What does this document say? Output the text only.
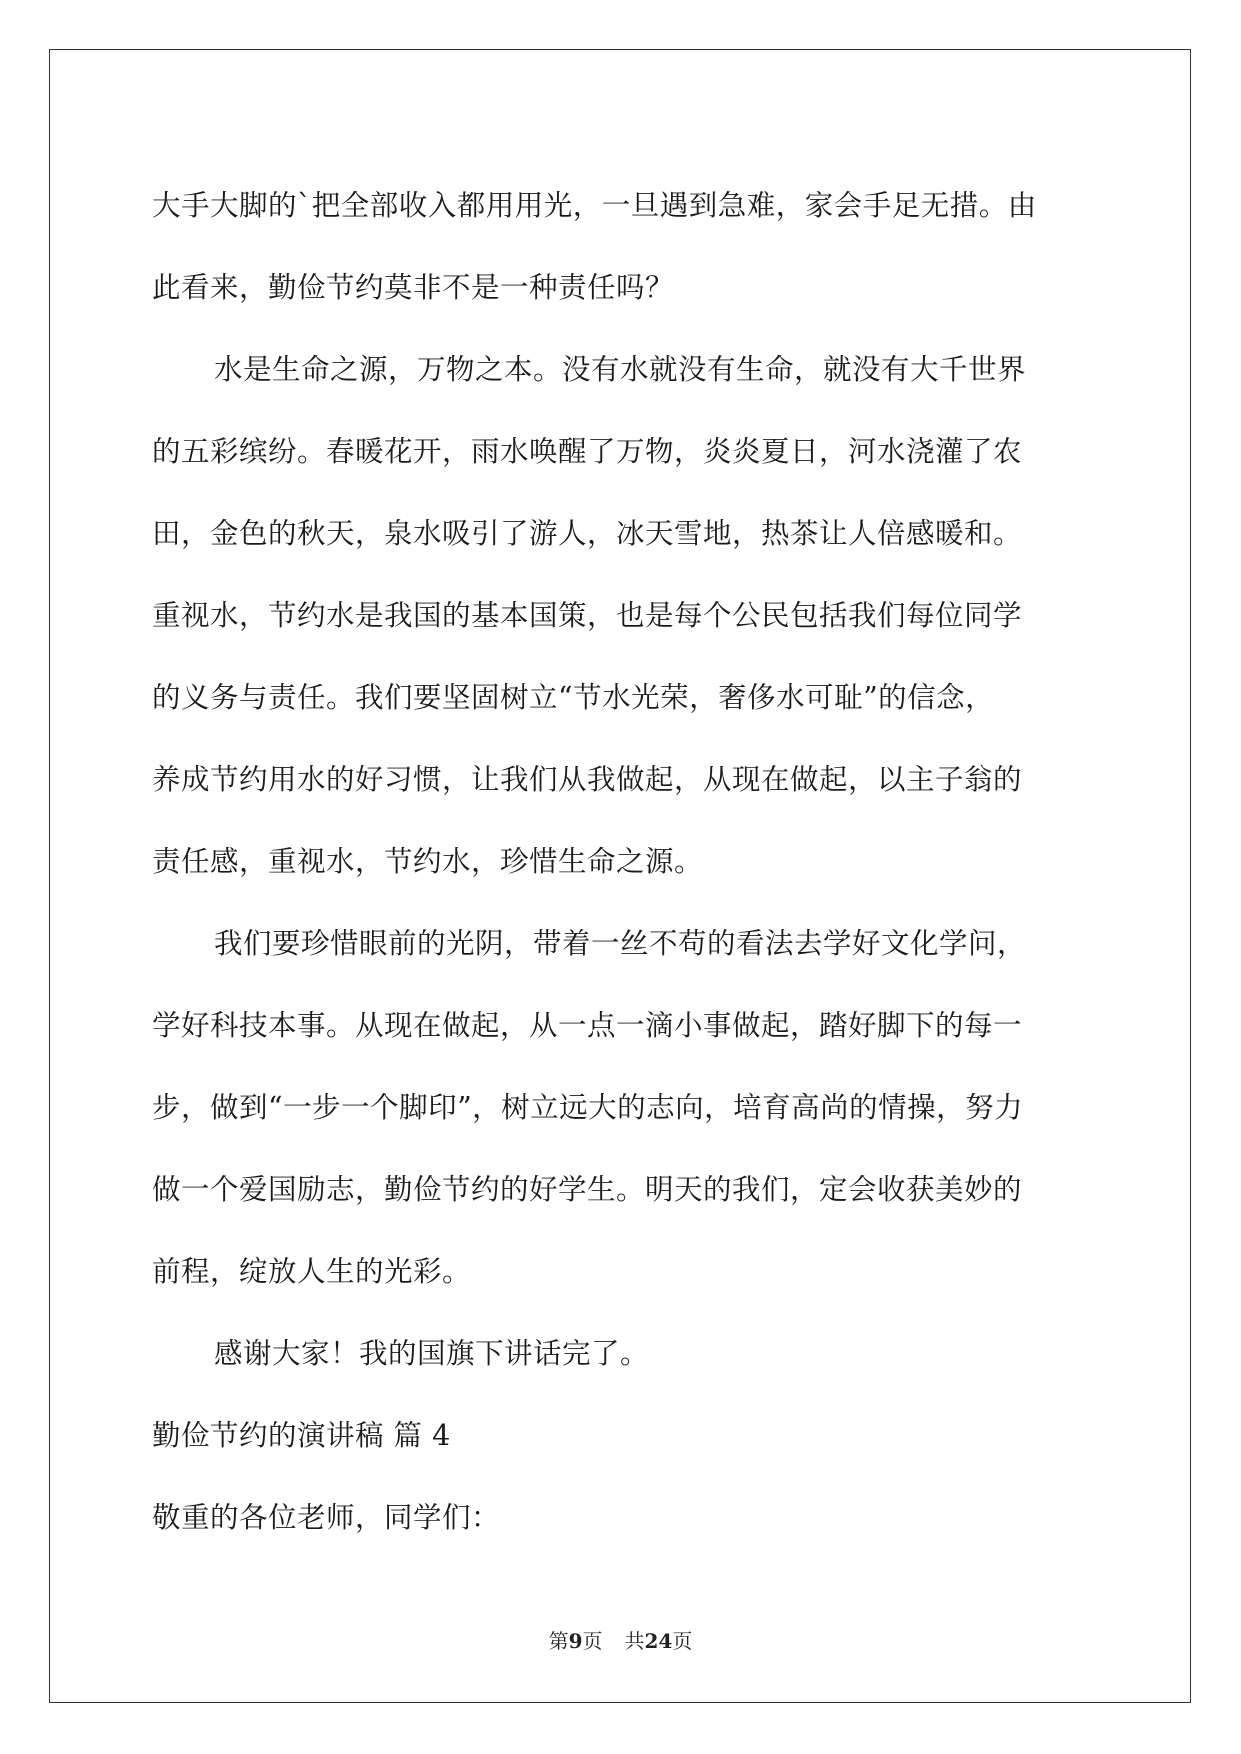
大手大脚的`把全部收入都用用光，一旦遇到急难，家会手足无措。由
此看来，勤俭节约莫非不是一种责任吗？
水是生命之源，万物之本。没有水就没有生命，就没有大千世界
的五彩缤纷。春暖花开，雨水唤醒了万物，炎炎夏日，河水浇灌了农
田，金色的秋天，泉水吸引了游人，冰天雪地，热茶让人倍感暖和。
重视水，节约水是我国的基本国策，也是每个公民包括我们每位同学
的义务与责任。我们要坚固树立“节水光荣，奢侈水可耻”的信念，
养成节约用水的好习惯，让我们从我做起，从现在做起，以主子翁的
责任感，重视水，节约水，珍惜生命之源。
我们要珍惜眼前的光阴，带着一丝不苟的看法去学好文化学问，
学好科技本事。从现在做起，从一点一滴小事做起，踏好脚下的每一
步，做到“一步一个脚印”，树立远大的志向，培育高尚的情操，努力
做一个爱国励志，勤俭节约的好学生。明天的我们，定会收获美妙的
前程，绽放人生的光彩。
感谢大家！我的国旗下讲话完了。
勤俭节约的演讲稿 篇 4
敬重的各位老师，同学们：
第9页 共24页
